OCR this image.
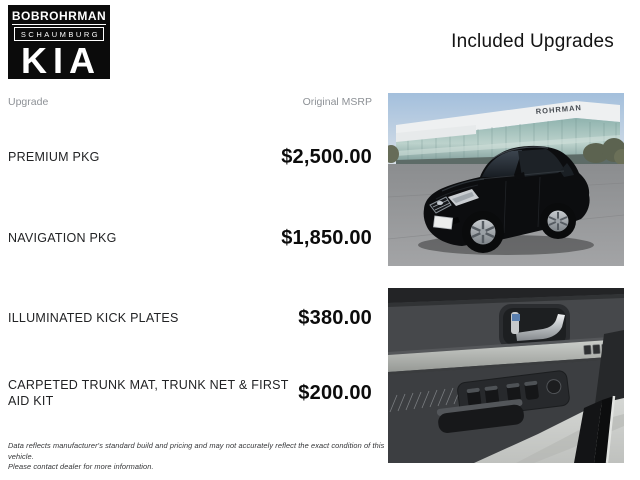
BOBROHRMAN
SCHAUMBURG
KIA	Included Upgrades
Upgrade	Original MSRP
PREMIUM PKG	$2,500.00
NAVIGATION PKG	$1,850.00
ILLUMINATED KICK PLATES	$380.00
CARPETED TRUNK MAT, TRUNK NET & FIRST AID KIT	$200.00
Data reflects manufacturer's standard build and pricing and may not accurately reflect the exact condition of this vehicle.
Please contact dealer for more information.
ROHRMAN
